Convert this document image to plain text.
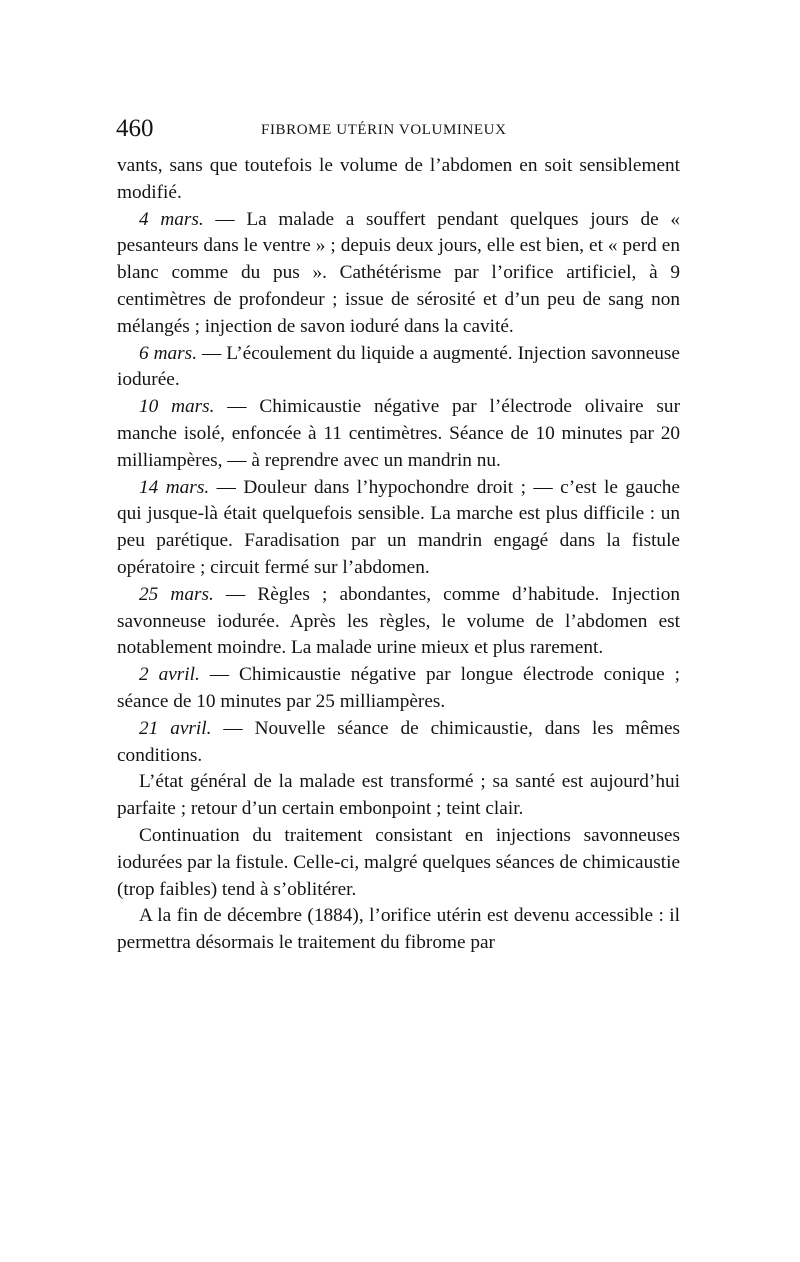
460	FIBROME UTÉRIN VOLUMINEUX

vants, sans que toutefois le volume de l’abdomen en soit sensiblement modifié.

4 mars. — La malade a souffert pendant quelques jours de « pesanteurs dans le ventre » ; depuis deux jours, elle est bien, et « perd en blanc comme du pus ». Cathétérisme par l’orifice artificiel, à 9 centimètres de profondeur ; issue de sérosité et d’un peu de sang non mélangés ; injection de savon ioduré dans la cavité.

6 mars. — L’écoulement du liquide a augmenté. Injection savonneuse iodurée.

10 mars. — Chimicaustie négative par l’électrode olivaire sur manche isolé, enfoncée à 11 centimètres. Séance de 10 minutes par 20 milliampères, — à reprendre avec un mandrin nu.

14 mars. — Douleur dans l’hypochondre droit ; — c’est le gauche qui jusque-là était quelquefois sensible. La marche est plus difficile : un peu parétique. Faradisation par un mandrin engagé dans la fistule opératoire ; circuit fermé sur l’abdomen.

25 mars. — Règles ; abondantes, comme d’habitude. Injection savonneuse iodurée. Après les règles, le volume de l’abdomen est notablement moindre. La malade urine mieux et plus rarement.

2 avril. — Chimicaustie négative par longue électrode conique ; séance de 10 minutes par 25 milliampères.

21 avril. — Nouvelle séance de chimicaustie, dans les mêmes conditions.

L’état général de la malade est transformé ; sa santé est aujourd’hui parfaite ; retour d’un certain embonpoint ; teint clair.

Continuation du traitement consistant en injections savonneuses iodurées par la fistule. Celle-ci, malgré quelques séances de chimicaustie (trop faibles) tend à s’oblitérer.

A la fin de décembre (1884), l’orifice utérin est devenu accessible : il permettra désormais le traitement du fibrome par
